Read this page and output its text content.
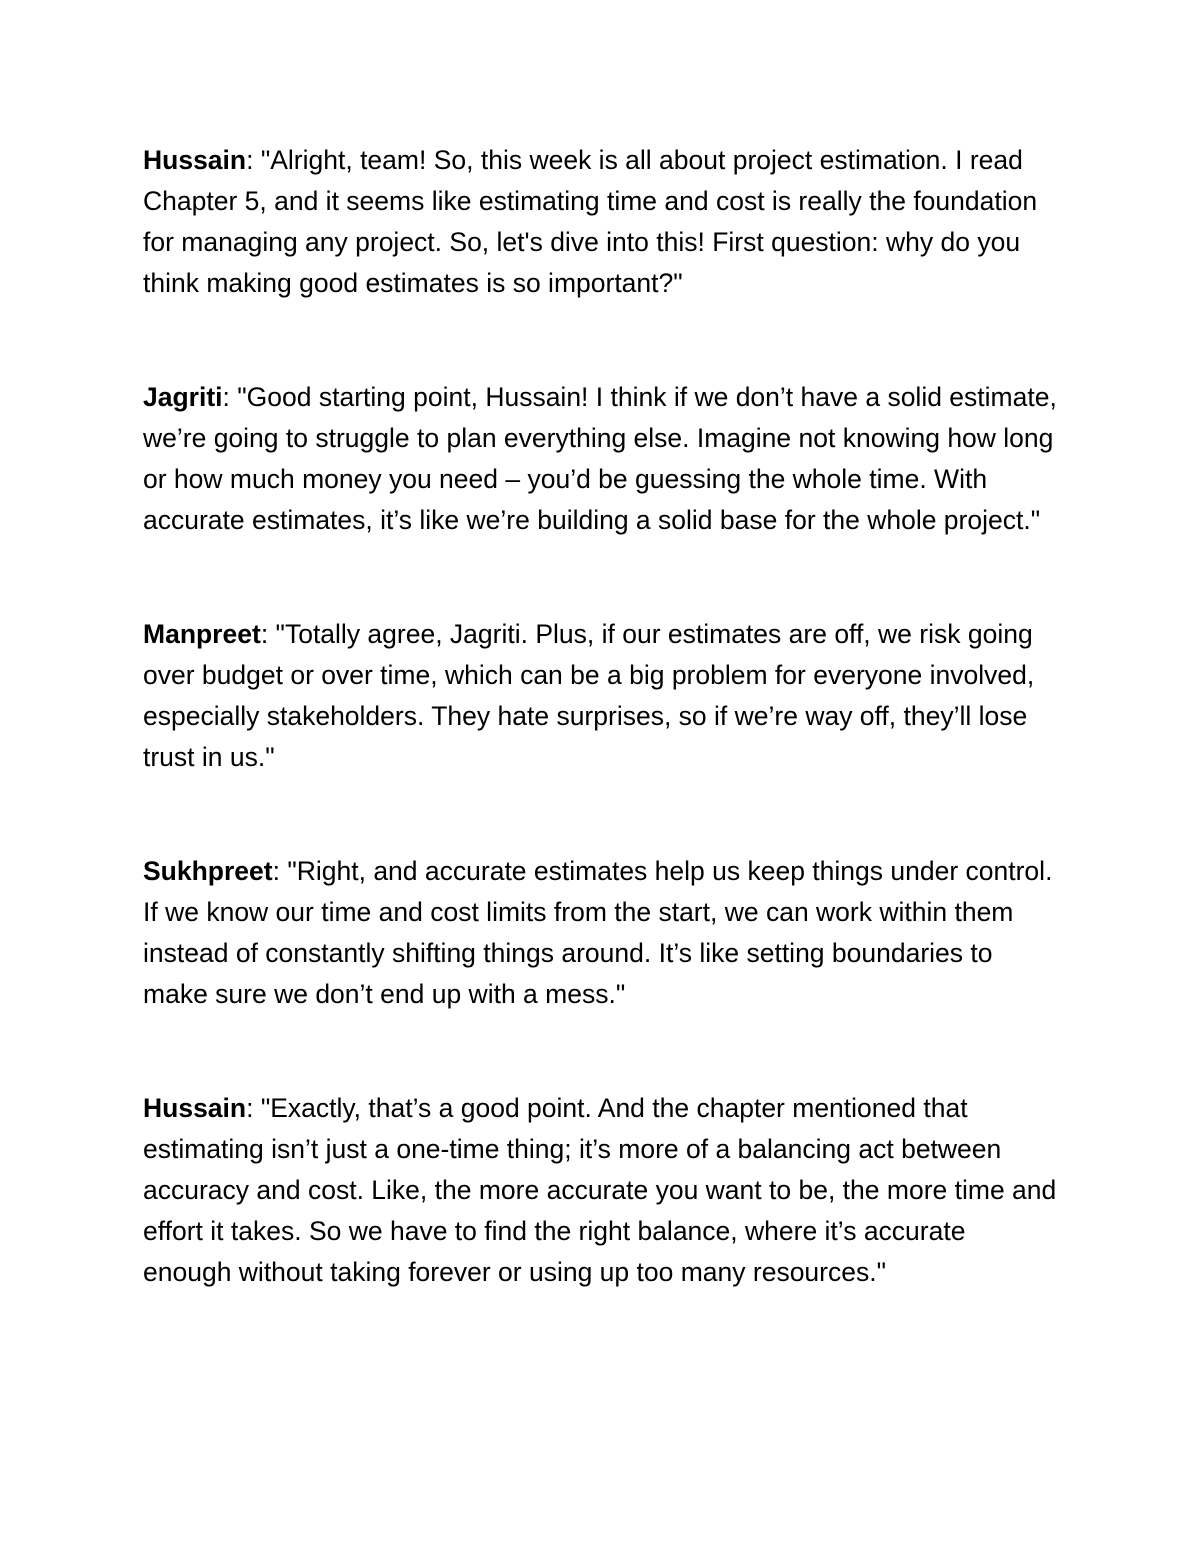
Hussain: "Alright, team! So, this week is all about project estimation. I read Chapter 5, and it seems like estimating time and cost is really the foundation for managing any project. So, let's dive into this! First question: why do you think making good estimates is so important?"

Jagriti: "Good starting point, Hussain! I think if we don’t have a solid estimate, we’re going to struggle to plan everything else. Imagine not knowing how long or how much money you need – you’d be guessing the whole time. With accurate estimates, it’s like we’re building a solid base for the whole project."

Manpreet: "Totally agree, Jagriti. Plus, if our estimates are off, we risk going over budget or over time, which can be a big problem for everyone involved, especially stakeholders. They hate surprises, so if we’re way off, they’ll lose trust in us."

Sukhpreet: "Right, and accurate estimates help us keep things under control. If we know our time and cost limits from the start, we can work within them instead of constantly shifting things around. It’s like setting boundaries to make sure we don’t end up with a mess."

Hussain: "Exactly, that’s a good point. And the chapter mentioned that estimating isn’t just a one-time thing; it’s more of a balancing act between accuracy and cost. Like, the more accurate you want to be, the more time and effort it takes. So we have to find the right balance, where it’s accurate enough without taking forever or using up too many resources."
